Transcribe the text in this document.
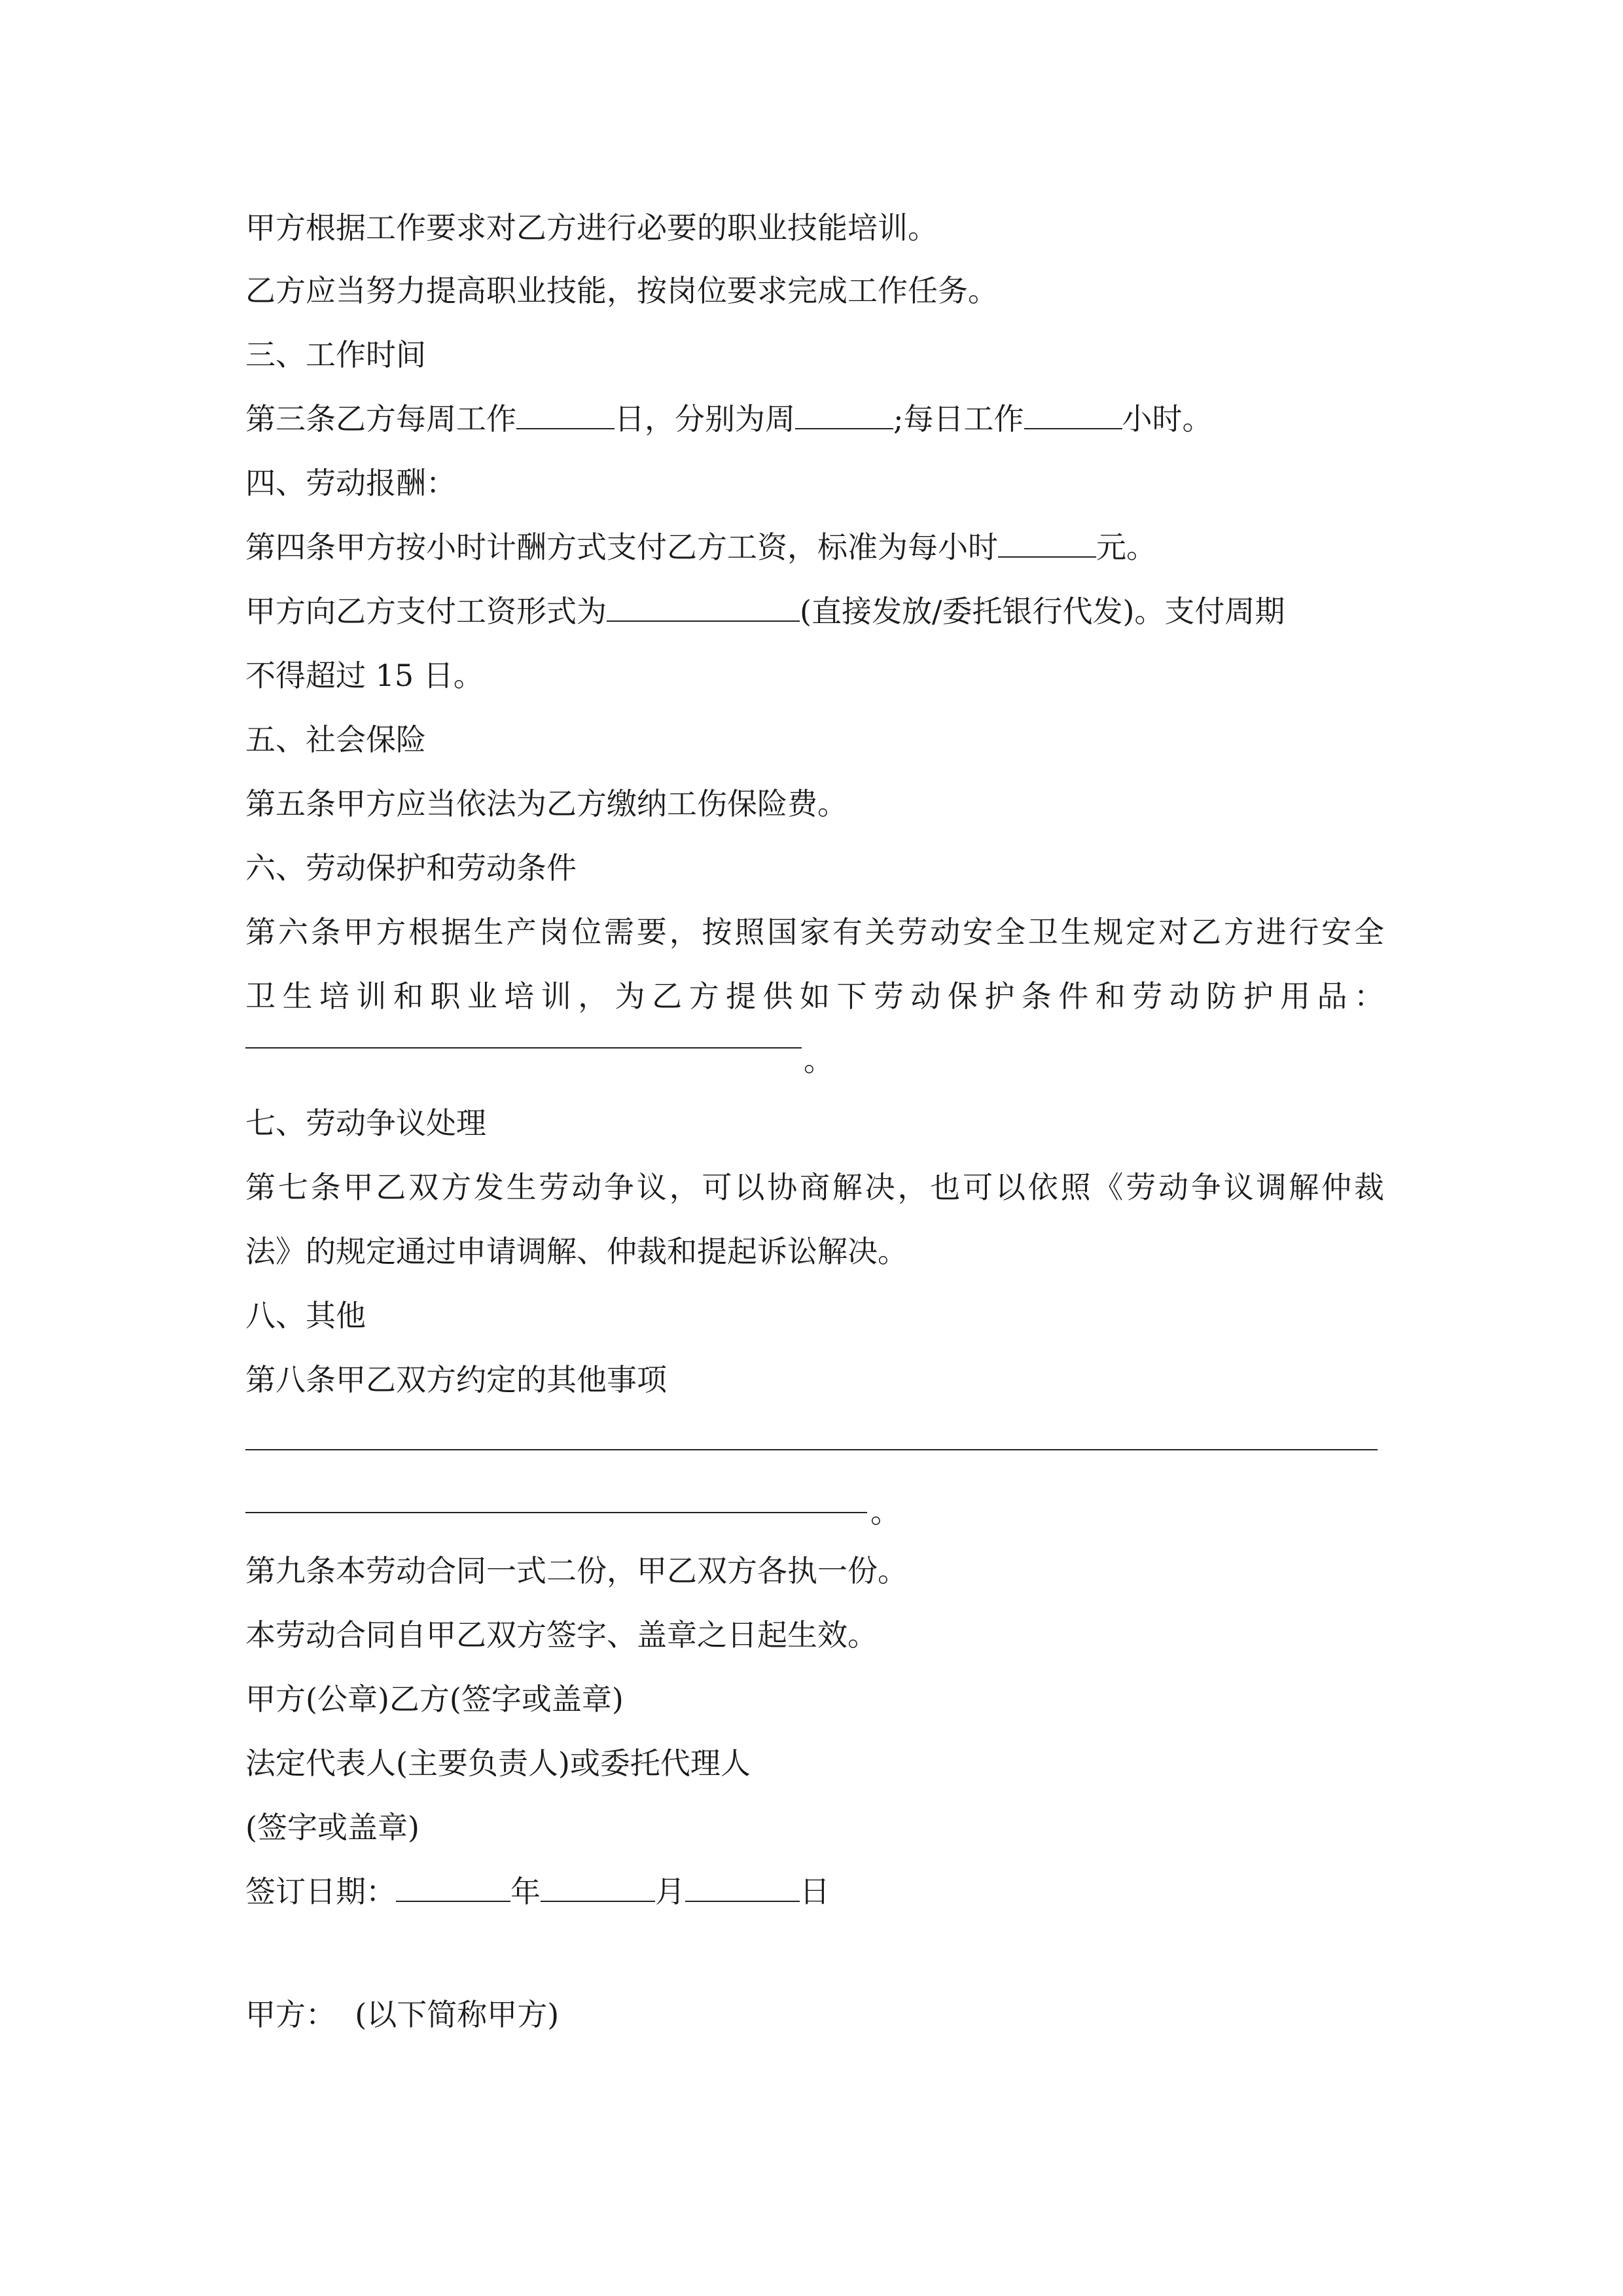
甲方根据工作要求对乙方进行必要的职业技能培训。
乙方应当努力提高职业技能，按岗位要求完成工作任务。
三、工作时间
第三条乙方每周工作	日，分别为周	;每日工作	小时。
四、劳动报酬：
第四条甲方按小时计酬方式支付乙方工资，标准为每小时	元。
甲方向乙方支付工资形式为	(直接发放/委托银行代发)。支付周期
不得超过 15 日。
五、社会保险
第五条甲方应当依法为乙方缴纳工伤保险费。
六、劳动保护和劳动条件
第六条甲方根据生产岗位需要，按照国家有关劳动安全卫生规定对乙方进行安全
卫生培训和职业培训，为乙方提供如下劳动保护条件和劳动防护用品：
。
七、劳动争议处理
第七条甲乙双方发生劳动争议，可以协商解决，也可以依照《劳动争议调解仲裁
法》的规定通过申请调解、仲裁和提起诉讼解决。
八、其他
第八条甲乙双方约定的其他事项
。
第九条本劳动合同一式二份，甲乙双方各执一份。
本劳动合同自甲乙双方签字、盖章之日起生效。
甲方(公章)乙方(签字或盖章)
法定代表人(主要负责人)或委托代理人
(签字或盖章)
签订日期：	年	月	日
甲方：  (以下简称甲方)
